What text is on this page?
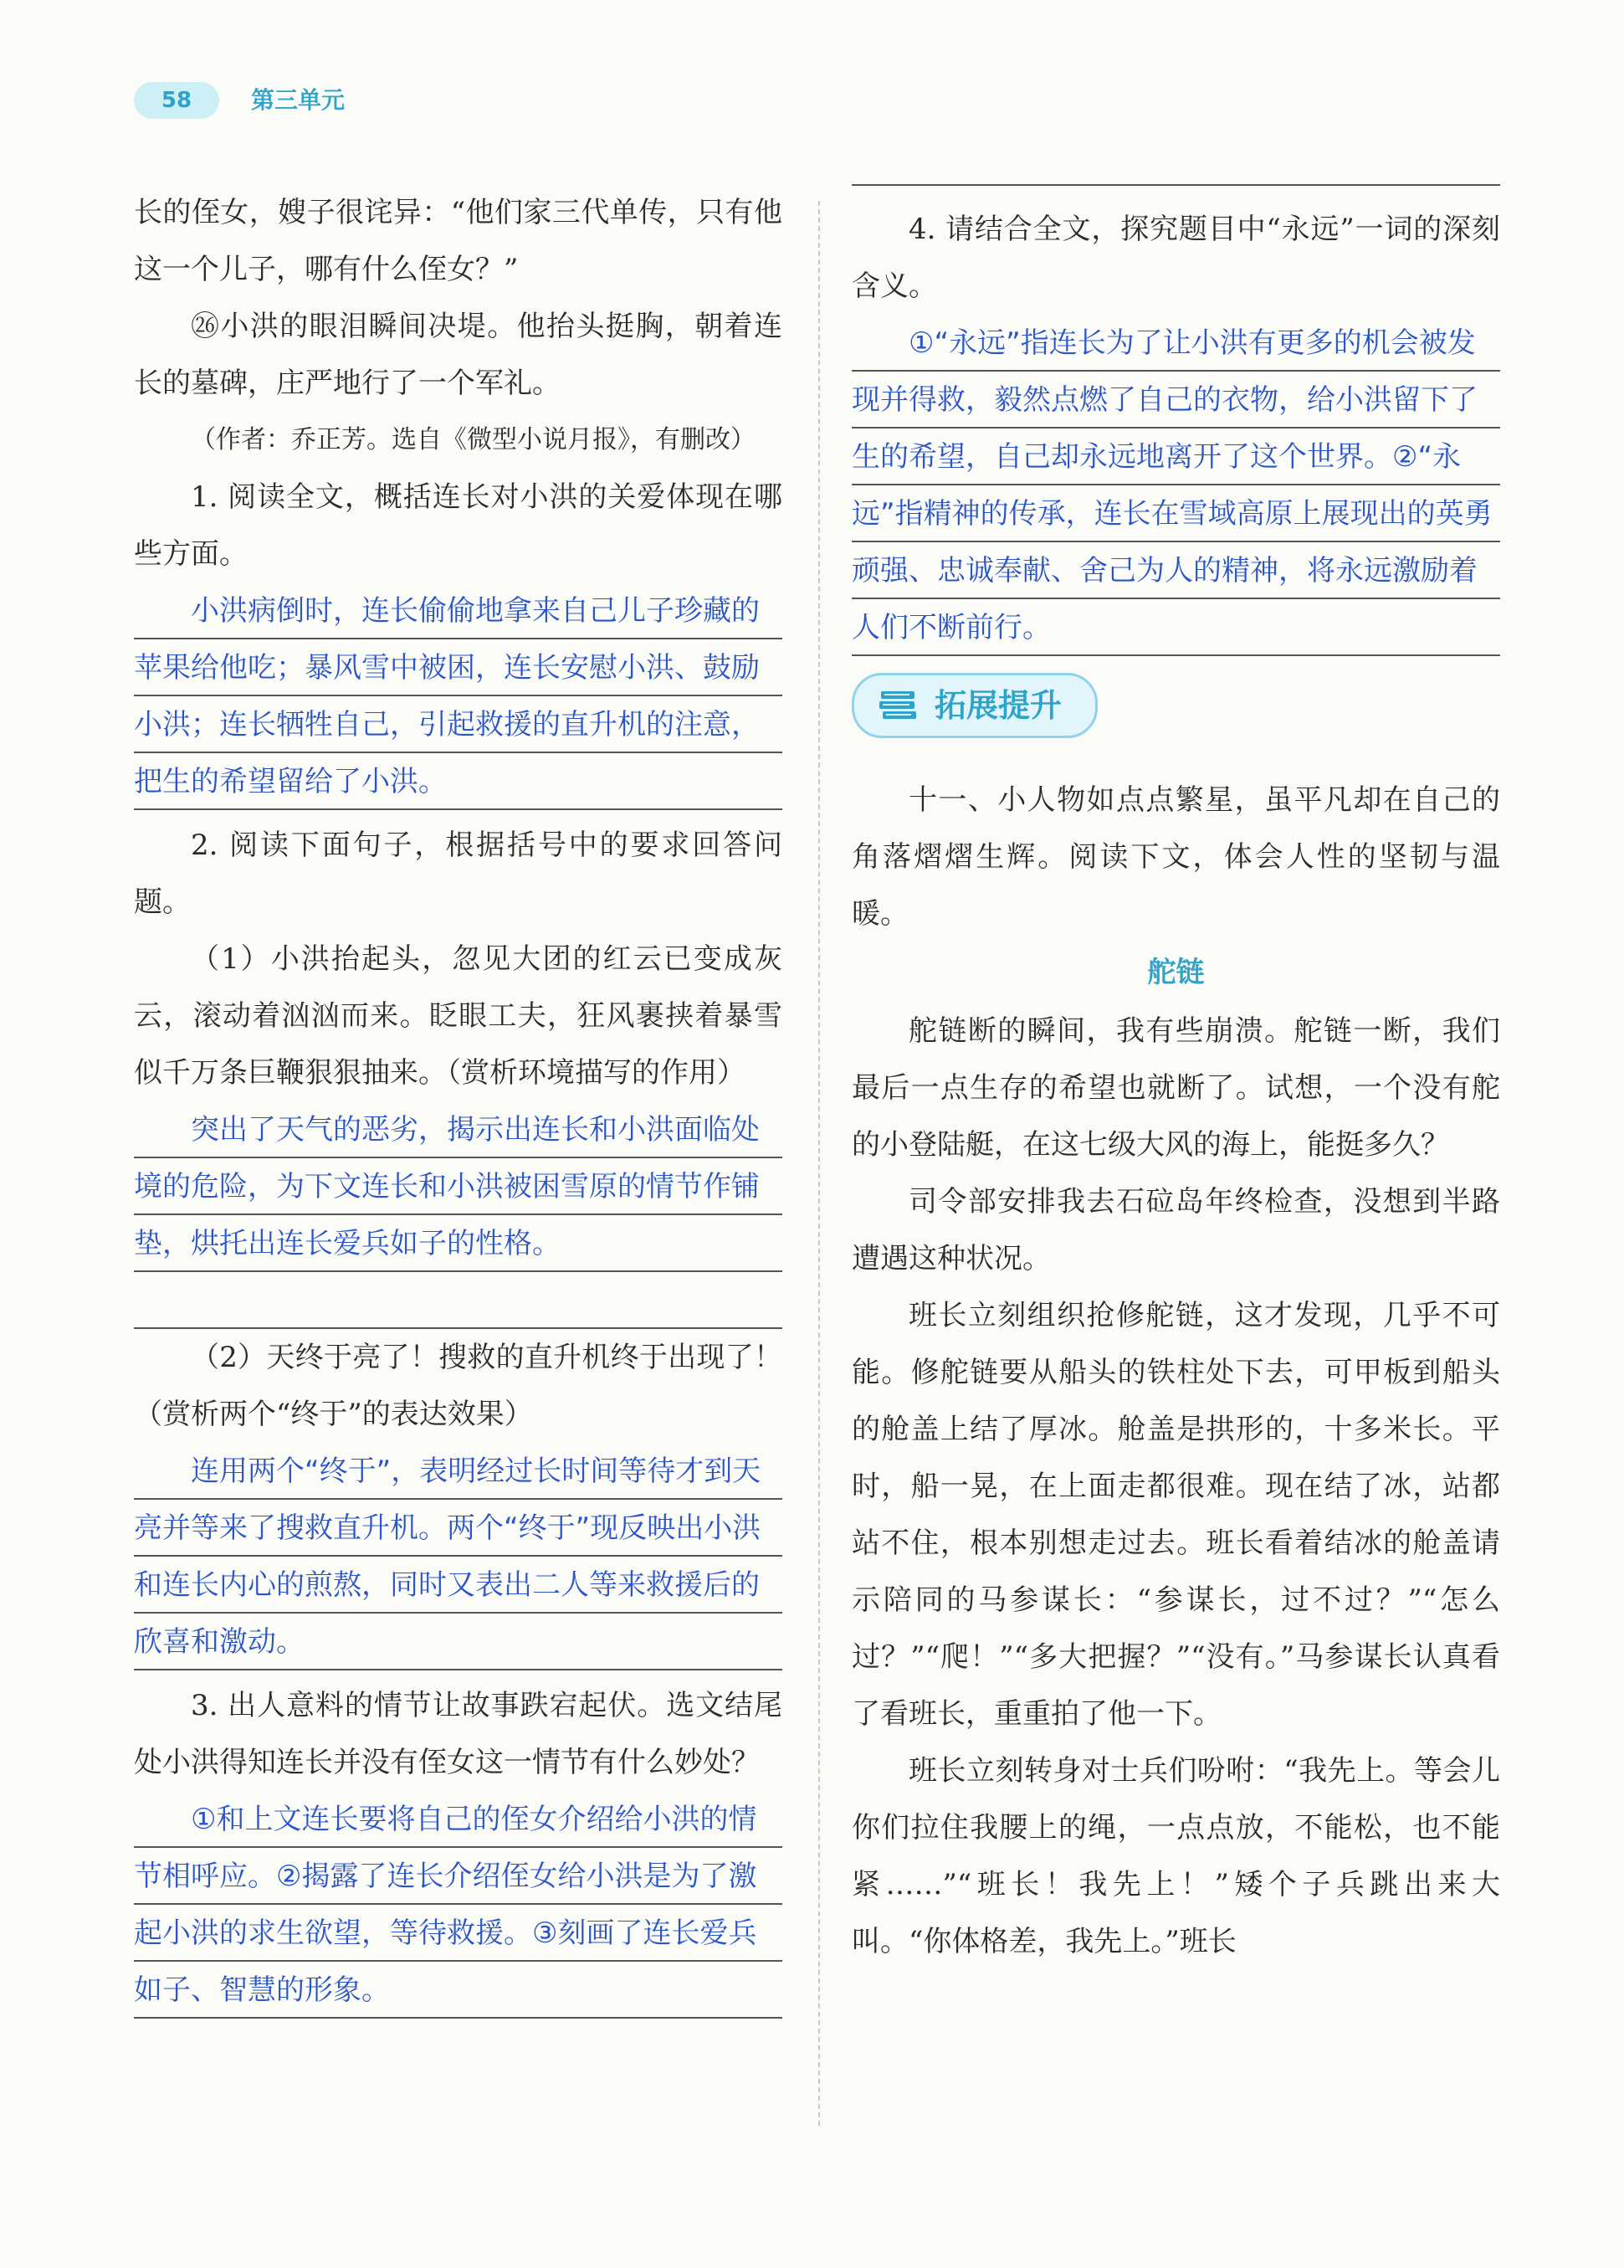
58	第三单元

长的侄女，嫂子很诧异：“他们家三代单传，只有他这一个儿子，哪有什么侄女？”

㉖小洪的眼泪瞬间决堤。他抬头挺胸，朝着连长的墓碑，庄严地行了一个军礼。

（作者：乔正芳。选自《微型小说月报》，有删改）

1. 阅读全文，概括连长对小洪的关爱体现在哪些方面。

小洪病倒时，连长偷偷地拿来自己儿子珍藏的苹果给他吃；暴风雪中被困，连长安慰小洪、鼓励小洪；连长牺牲自己，引起救援的直升机的注意，把生的希望留给了小洪。

2. 阅读下面句子，根据括号中的要求回答问题。

（1）小洪抬起头，忽见大团的红云已变成灰云，滚动着汹汹而来。眨眼工夫，狂风裹挟着暴雪似千万条巨鞭狠狠抽来。（赏析环境描写的作用）

突出了天气的恶劣，揭示出连长和小洪面临处境的危险，为下文连长和小洪被困雪原的情节作铺垫，烘托出连长爱兵如子的性格。

（2）天终于亮了！搜救的直升机终于出现了！（赏析两个“终于”的表达效果）

连用两个“终于”，表明经过长时间等待才到天亮并等来了搜救直升机。两个“终于”现反映出小洪和连长内心的煎熬，同时又表出二人等来救援后的欣喜和激动。

3. 出人意料的情节让故事跌宕起伏。选文结尾处小洪得知连长并没有侄女这一情节有什么妙处？

①和上文连长要将自己的侄女介绍给小洪的情节相呼应。②揭露了连长介绍侄女给小洪是为了激起小洪的求生欲望，等待救援。③刻画了连长爱兵如子、智慧的形象。

4. 请结合全文，探究题目中“永远”一词的深刻含义。

①“永远”指连长为了让小洪有更多的机会被发现并得救，毅然点燃了自己的衣物，给小洪留下了生的希望，自己却永远地离开了这个世界。②“永远”指精神的传承，连长在雪域高原上展现出的英勇顽强、忠诚奉献、舍己为人的精神，将永远激励着人们不断前行。

拓展提升

十一、小人物如点点繁星，虽平凡却在自己的角落熠熠生辉。阅读下文，体会人性的坚韧与温暖。

舵链

舵链断的瞬间，我有些崩溃。舵链一断，我们最后一点生存的希望也就断了。试想，一个没有舵的小登陆艇，在这七级大风的海上，能挺多久？

司令部安排我去石砬岛年终检查，没想到半路遭遇这种状况。

班长立刻组织抢修舵链，这才发现，几乎不可能。修舵链要从船头的铁柱处下去，可甲板到船头的舱盖上结了厚冰。舱盖是拱形的，十多米长。平时，船一晃，在上面走都很难。现在结了冰，站都站不住，根本别想走过去。班长看着结冰的舱盖请示陪同的马参谋长：“参谋长，过不过？”“怎么过？”“爬！”“多大把握？”“没有。”马参谋长认真看了看班长，重重拍了他一下。

班长立刻转身对士兵们吩咐：“我先上。等会儿你们拉住我腰上的绳，一点点放，不能松，也不能紧……”“班长！我先上！”矮个子兵跳出来大叫。“你体格差，我先上。”班长
